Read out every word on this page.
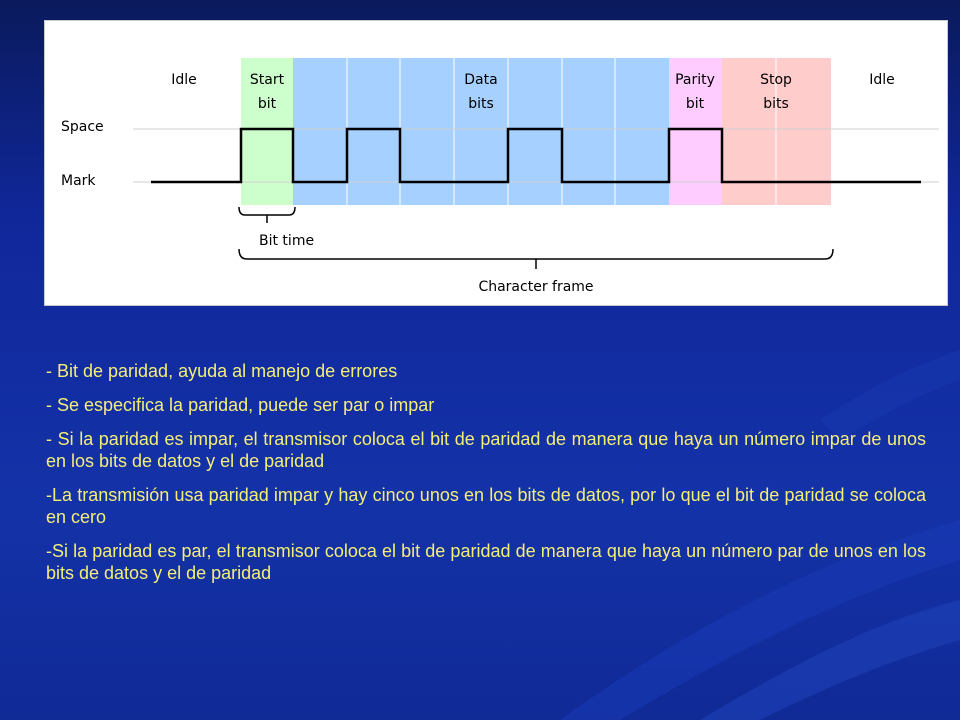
Idle	Start
bit
Data
bits
Parity
bit
Stop
bits
Idle
Space
Mark
Bit time
Character frame

- Bit de paridad, ayuda al manejo de errores

- Se especifica la paridad, puede ser par o impar

- Si la paridad es impar, el transmisor coloca el bit de paridad de manera que haya un número impar de unos en los bits de datos y el de paridad

-La transmisión usa paridad impar y hay cinco unos en los bits de datos, por lo que el bit de paridad se coloca en cero

-Si la paridad es par, el transmisor coloca el bit de paridad de manera que haya un número par de unos en los bits de datos y el de paridad
